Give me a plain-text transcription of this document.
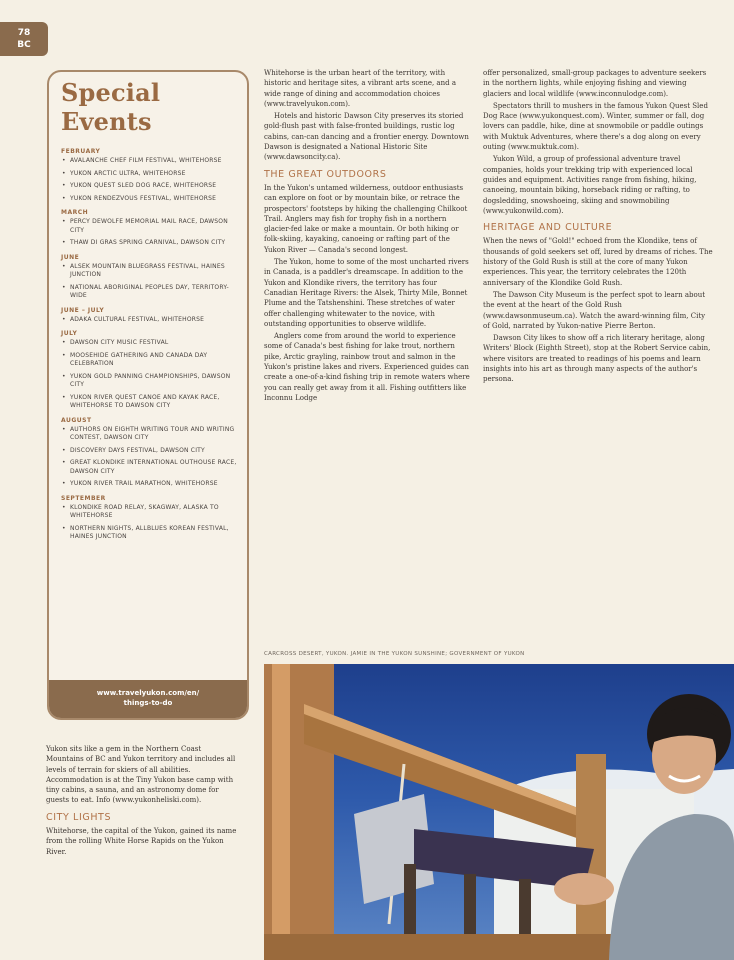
78
BC
Special Events
FEBRUARY
• AVALANCHE CHEF FILM FESTIVAL, WHITEHORSE
• YUKON ARCTIC ULTRA, WHITEHORSE
• YUKON QUEST SLED DOG RACE, WHITEHORSE
• YUKON RENDEZVOUS FESTIVAL, WHITEHORSE
MARCH
• PERCY DEWOLFE MEMORIAL MAIL RACE, DAWSON CITY
• THAW DI GRAS SPRING CARNIVAL, DAWSON CITY
JUNE
• ALSEK MOUNTAIN BLUEGRASS FESTIVAL, HAINES JUNCTION
• NATIONAL ABORIGINAL PEOPLES DAY, TERRITORY-WIDE
JUNE – JULY
• ADAKA CULTURAL FESTIVAL, WHITEHORSE
JULY
• DAWSON CITY MUSIC FESTIVAL
• MOOSEHIDE GATHERING AND CANADA DAY CELEBRATION
• YUKON GOLD PANNING CHAMPIONSHIPS, DAWSON CITY
• YUKON RIVER QUEST CANOE AND KAYAK RACE, WHITEHORSE TO DAWSON CITY
AUGUST
• AUTHORS ON EIGHTH WRITING TOUR AND WRITING CONTEST, DAWSON CITY
• DISCOVERY DAYS FESTIVAL, DAWSON CITY
• GREAT KLONDIKE INTERNATIONAL OUTHOUSE RACE, DAWSON CITY
• YUKON RIVER TRAIL MARATHON, WHITEHORSE
SEPTEMBER
• KLONDIKE ROAD RELAY, SKAGWAY, ALASKA TO WHITEHORSE
• NORTHERN NIGHTS, ALLBLUES KOREAN FESTIVAL, HAINES JUNCTION
www.travelyukon.com/en/
things-to-do

Yukon sits like a gem in the Northern Coast Mountains of BC and Yukon territory and includes all levels of terrain for skiers of all abilities. Accommodation is at the Tiny Yukon base camp with tiny cabins, a sauna, and an astronomy dome for guests to eat. Info (www.yukonheliski.com).

CITY LIGHTS

Whitehorse, the capital of the Yukon, gained its name from the rolling White Horse Rapids on the Yukon River.

Whitehorse is the urban heart of the territory, with historic and heritage sites, a vibrant arts scene, and a wide range of dining and accommodation choices (www.travelyukon.com).

Hotels and historic Dawson City preserves its storied gold-flush past with false-fronted buildings, rustic log cabins, can-can dancing and a frontier energy. Downtown Dawson is designated a National Historic Site (www.dawsoncity.ca).

THE GREAT OUTDOORS

In the Yukon's untamed wilderness, outdoor enthusiasts can explore on foot or by mountain bike, or retrace the prospectors' footsteps by hiking the challenging Chilkoot Trail. Anglers may fish for trophy fish in a northern glacier-fed lake or make a mountain. Or both hiking or folk-skiing, kayaking, canoeing or rafting part of the Yukon River — Canada's second longest.

The Yukon, home to some of the most uncharted rivers in Canada, is a paddler's dreamscape. In addition to the Yukon and Klondike rivers, the territory has four Canadian Heritage Rivers: the Alsek, Thirty Mile, Bonnet Plume and the Tatshenshini. These stretches of water offer challenging whitewater to the novice, with outstanding opportunities to observe wildlife.

Anglers come from around the world to experience some of Canada's best fishing for lake trout, northern pike, Arctic grayling, rainbow trout and salmon in the Yukon's pristine lakes and rivers. Experienced guides can create a one-of-a-kind fishing trip in remote waters where you can really get away from it all. Fishing outfitters like Inconnu Lodge

offer personalized, small-group packages to adventure seekers in the northern lights, while enjoying fishing and viewing glaciers and local wildlife (www.inconnulodge.com).

Spectators thrill to mushers in the famous Yukon Quest Sled Dog Race (www.yukonquest.com). Winter, summer or fall, dog lovers can paddle, hike, dine at snowmobile or paddle outings with Muktuk Adventures, where there's a dog along on every outing (www.muktuk.com).

Yukon Wild, a group of professional adventure travel companies, holds your trekking trip with experienced local guides and equipment. Activities range from fishing, hiking, canoeing, mountain biking, horseback riding or rafting, to dogsledding, snowshoeing, skiing and snowmobiling (www.yukonwild.com).

HERITAGE AND CULTURE

When the news of "Gold!" echoed from the Klondike, tens of thousands of gold seekers set off, lured by dreams of riches. The history of the Gold Rush is still at the core of many Yukon experiences. This year, the territory celebrates the 120th anniversary of the Klondike Gold Rush.

The Dawson City Museum is the perfect spot to learn about the event at the heart of the Gold Rush (www.dawsonmuseum.ca). Watch the award-winning film, City of Gold, narrated by Yukon-native Pierre Berton.

Dawson City likes to show off a rich literary heritage, along Writers' Block (Eighth Street), stop at the Robert Service cabin, where visitors are treated to readings of his poems and learn insights into his art as through many aspects of the author's persona.

CARCROSS DESERT, YUKON. JAMIE IN THE YUKON SUNSHINE; GOVERNMENT OF YUKON
